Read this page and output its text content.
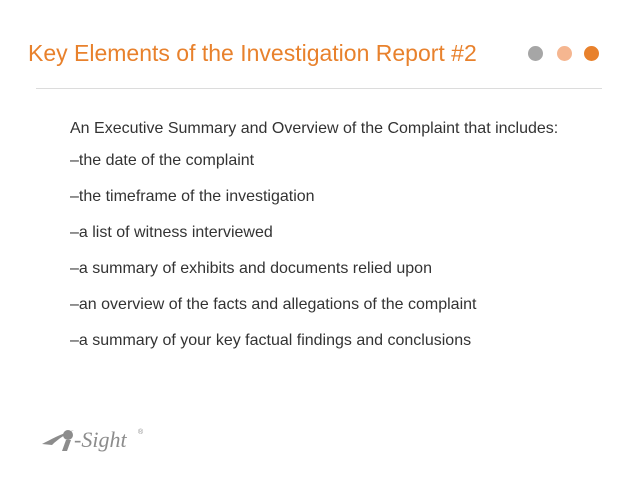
Key Elements of the Investigation Report #2

An Executive Summary and Overview of the Complaint that includes:

–the date of the complaint

–the timeframe of the investigation

–a list of witness interviewed

–a summary of exhibits and documents relied upon

–an overview of the facts and allegations of the complaint

–a summary of your key factual findings and conclusions

-Sight ®
